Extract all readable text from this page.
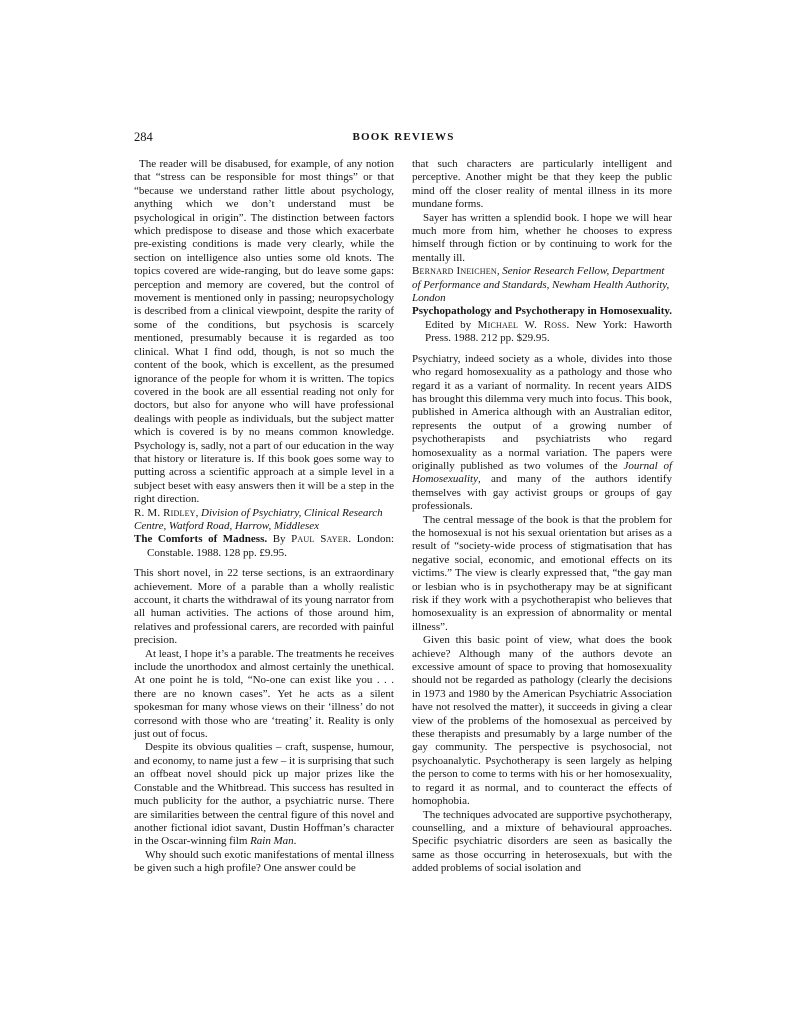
284	BOOK REVIEWS

The reader will be disabused, for example, of any notion that “stress can be responsible for most things” or that “because we understand rather little about psychology, anything which we don’t understand must be psychological in origin”. The distinction between factors which predispose to disease and those which exacerbate pre-existing conditions is made very clearly, while the section on intelligence also unties some old knots. The topics covered are wide-ranging, but do leave some gaps: perception and memory are covered, but the control of movement is mentioned only in passing; neuropsychology is described from a clinical viewpoint, despite the rarity of some of the conditions, but psychosis is scarcely mentioned, presumably because it is regarded as too clinical. What I find odd, though, is not so much the content of the book, which is excellent, as the presumed ignorance of the people for whom it is written. The topics covered in the book are all essential reading not only for doctors, but also for anyone who will have professional dealings with people as individuals, but the subject matter which is covered is by no means common knowledge. Psychology is, sadly, not a part of our education in the way that history or literature is. If this book goes some way to putting across a scientific approach at a simple level in a subject beset with easy answers then it will be a step in the right direction.

R. M. Ridley, Division of Psychiatry, Clinical Research Centre, Watford Road, Harrow, Middlesex

The Comforts of Madness. By Paul Sayer. London: Constable. 1988. 128 pp. £9.95.

This short novel, in 22 terse sections, is an extraordinary achievement. More of a parable than a wholly realistic account, it charts the withdrawal of its young narrator from all human activities. The actions of those around him, relatives and professional carers, are recorded with painful precision.

At least, I hope it’s a parable. The treatments he receives include the unorthodox and almost certainly the unethical. At one point he is told, “No-one can exist like you . . . there are no known cases”. Yet he acts as a silent spokesman for many whose views on their ‘illness’ do not corresond with those who are ‘treating’ it. Reality is only just out of focus.

Despite its obvious qualities – craft, suspense, humour, and economy, to name just a few – it is surprising that such an offbeat novel should pick up major prizes like the Constable and the Whitbread. This success has resulted in much publicity for the author, a psychiatric nurse. There are similarities between the central figure of this novel and another fictional idiot savant, Dustin Hoffman’s character in the Oscar-winning film Rain Man.

Why should such exotic manifestations of mental illness be given such a high profile? One answer could be

that such characters are particularly intelligent and perceptive. Another might be that they keep the public mind off the closer reality of mental illness in its more mundane forms.

Sayer has written a splendid book. I hope we will hear much more from him, whether he chooses to express himself through fiction or by continuing to work for the mentally ill.

Bernard Ineichen, Senior Research Fellow, Department of Performance and Standards, Newham Health Authority, London

Psychopathology and Psychotherapy in Homosexuality. Edited by Michael W. Ross. New York: Haworth Press. 1988. 212 pp. $29.95.

Psychiatry, indeed society as a whole, divides into those who regard homosexuality as a pathology and those who regard it as a variant of normality. In recent years AIDS has brought this dilemma very much into focus. This book, published in America although with an Australian editor, represents the output of a growing number of psychotherapists and psychiatrists who regard homosexuality as a normal variation. The papers were originally published as two volumes of the Journal of Homosexuality, and many of the authors identify themselves with gay activist groups or groups of gay professionals.

The central message of the book is that the problem for the homosexual is not his sexual orientation but arises as a result of “society-wide process of stigmatisation that has negative social, economic, and emotional effects on its victims.” The view is clearly expressed that, “the gay man or lesbian who is in psychotherapy may be at significant risk if they work with a psychotherapist who believes that homosexuality is an expression of abnormality or mental illness”.

Given this basic point of view, what does the book achieve? Although many of the authors devote an excessive amount of space to proving that homosexuality should not be regarded as pathology (clearly the decisions in 1973 and 1980 by the American Psychiatric Association have not resolved the matter), it succeeds in giving a clear view of the problems of the homosexual as perceived by these therapists and presumably by a large number of the gay community. The perspective is psychosocial, not psychoanalytic. Psychotherapy is seen largely as helping the person to come to terms with his or her homosexuality, to regard it as normal, and to counteract the effects of homophobia.

The techniques advocated are supportive psychotherapy, counselling, and a mixture of behavioural approaches. Specific psychiatric disorders are seen as basically the same as those occurring in heterosexuals, but with the added problems of social isolation and
